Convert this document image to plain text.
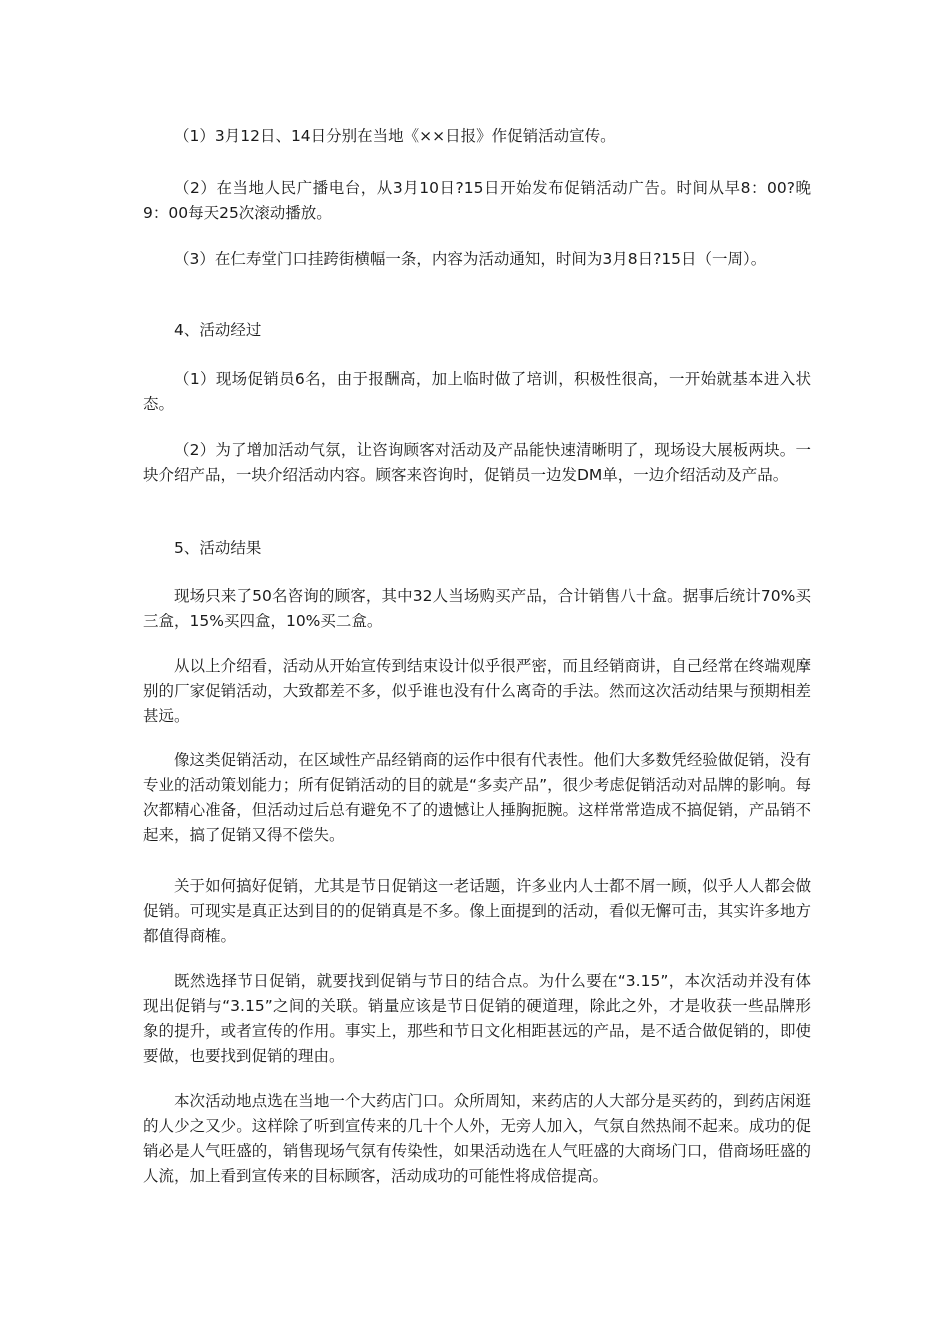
（1）3月12日、14日分别在当地《××日报》作促销活动宣传。

（2）在当地人民广播电台，从3月10日?15日开始发布促销活动广告。时间从早8：00?晚9：00每天25次滚动播放。

（3）在仁寿堂门口挂跨街横幅一条，内容为活动通知，时间为3月8日?15日（一周）。

4、活动经过

（1）现场促销员6名，由于报酬高，加上临时做了培训，积极性很高，一开始就基本进入状态。

（2）为了增加活动气氛，让咨询顾客对活动及产品能快速清晰明了，现场设大展板两块。一块介绍产品，一块介绍活动内容。顾客来咨询时，促销员一边发DM单，一边介绍活动及产品。

5、活动结果

现场只来了50名咨询的顾客，其中32人当场购买产品，合计销售八十盒。据事后统计70%买三盒，15%买四盒，10%买二盒。

从以上介绍看，活动从开始宣传到结束设计似乎很严密，而且经销商讲，自己经常在终端观摩别的厂家促销活动，大致都差不多，似乎谁也没有什么离奇的手法。然而这次活动结果与预期相差甚远。

像这类促销活动，在区域性产品经销商的运作中很有代表性。他们大多数凭经验做促销，没有专业的活动策划能力；所有促销活动的目的就是“多卖产品”，很少考虑促销活动对品牌的影响。每次都精心准备，但活动过后总有避免不了的遗憾让人捶胸扼腕。这样常常造成不搞促销，产品销不起来，搞了促销又得不偿失。

关于如何搞好促销，尤其是节日促销这一老话题，许多业内人士都不屑一顾，似乎人人都会做促销。可现实是真正达到目的的促销真是不多。像上面提到的活动，看似无懈可击，其实许多地方都值得商榷。

既然选择节日促销，就要找到促销与节日的结合点。为什么要在“3.15”，本次活动并没有体现出促销与“3.15”之间的关联。销量应该是节日促销的硬道理，除此之外，才是收获一些品牌形象的提升，或者宣传的作用。事实上，那些和节日文化相距甚远的产品，是不适合做促销的，即使要做，也要找到促销的理由。

本次活动地点选在当地一个大药店门口。众所周知，来药店的人大部分是买药的，到药店闲逛的人少之又少。这样除了听到宣传来的几十个人外，无旁人加入，气氛自然热闹不起来。成功的促销必是人气旺盛的，销售现场气氛有传染性，如果活动选在人气旺盛的大商场门口，借商场旺盛的人流，加上看到宣传来的目标顾客，活动成功的可能性将成倍提高。
